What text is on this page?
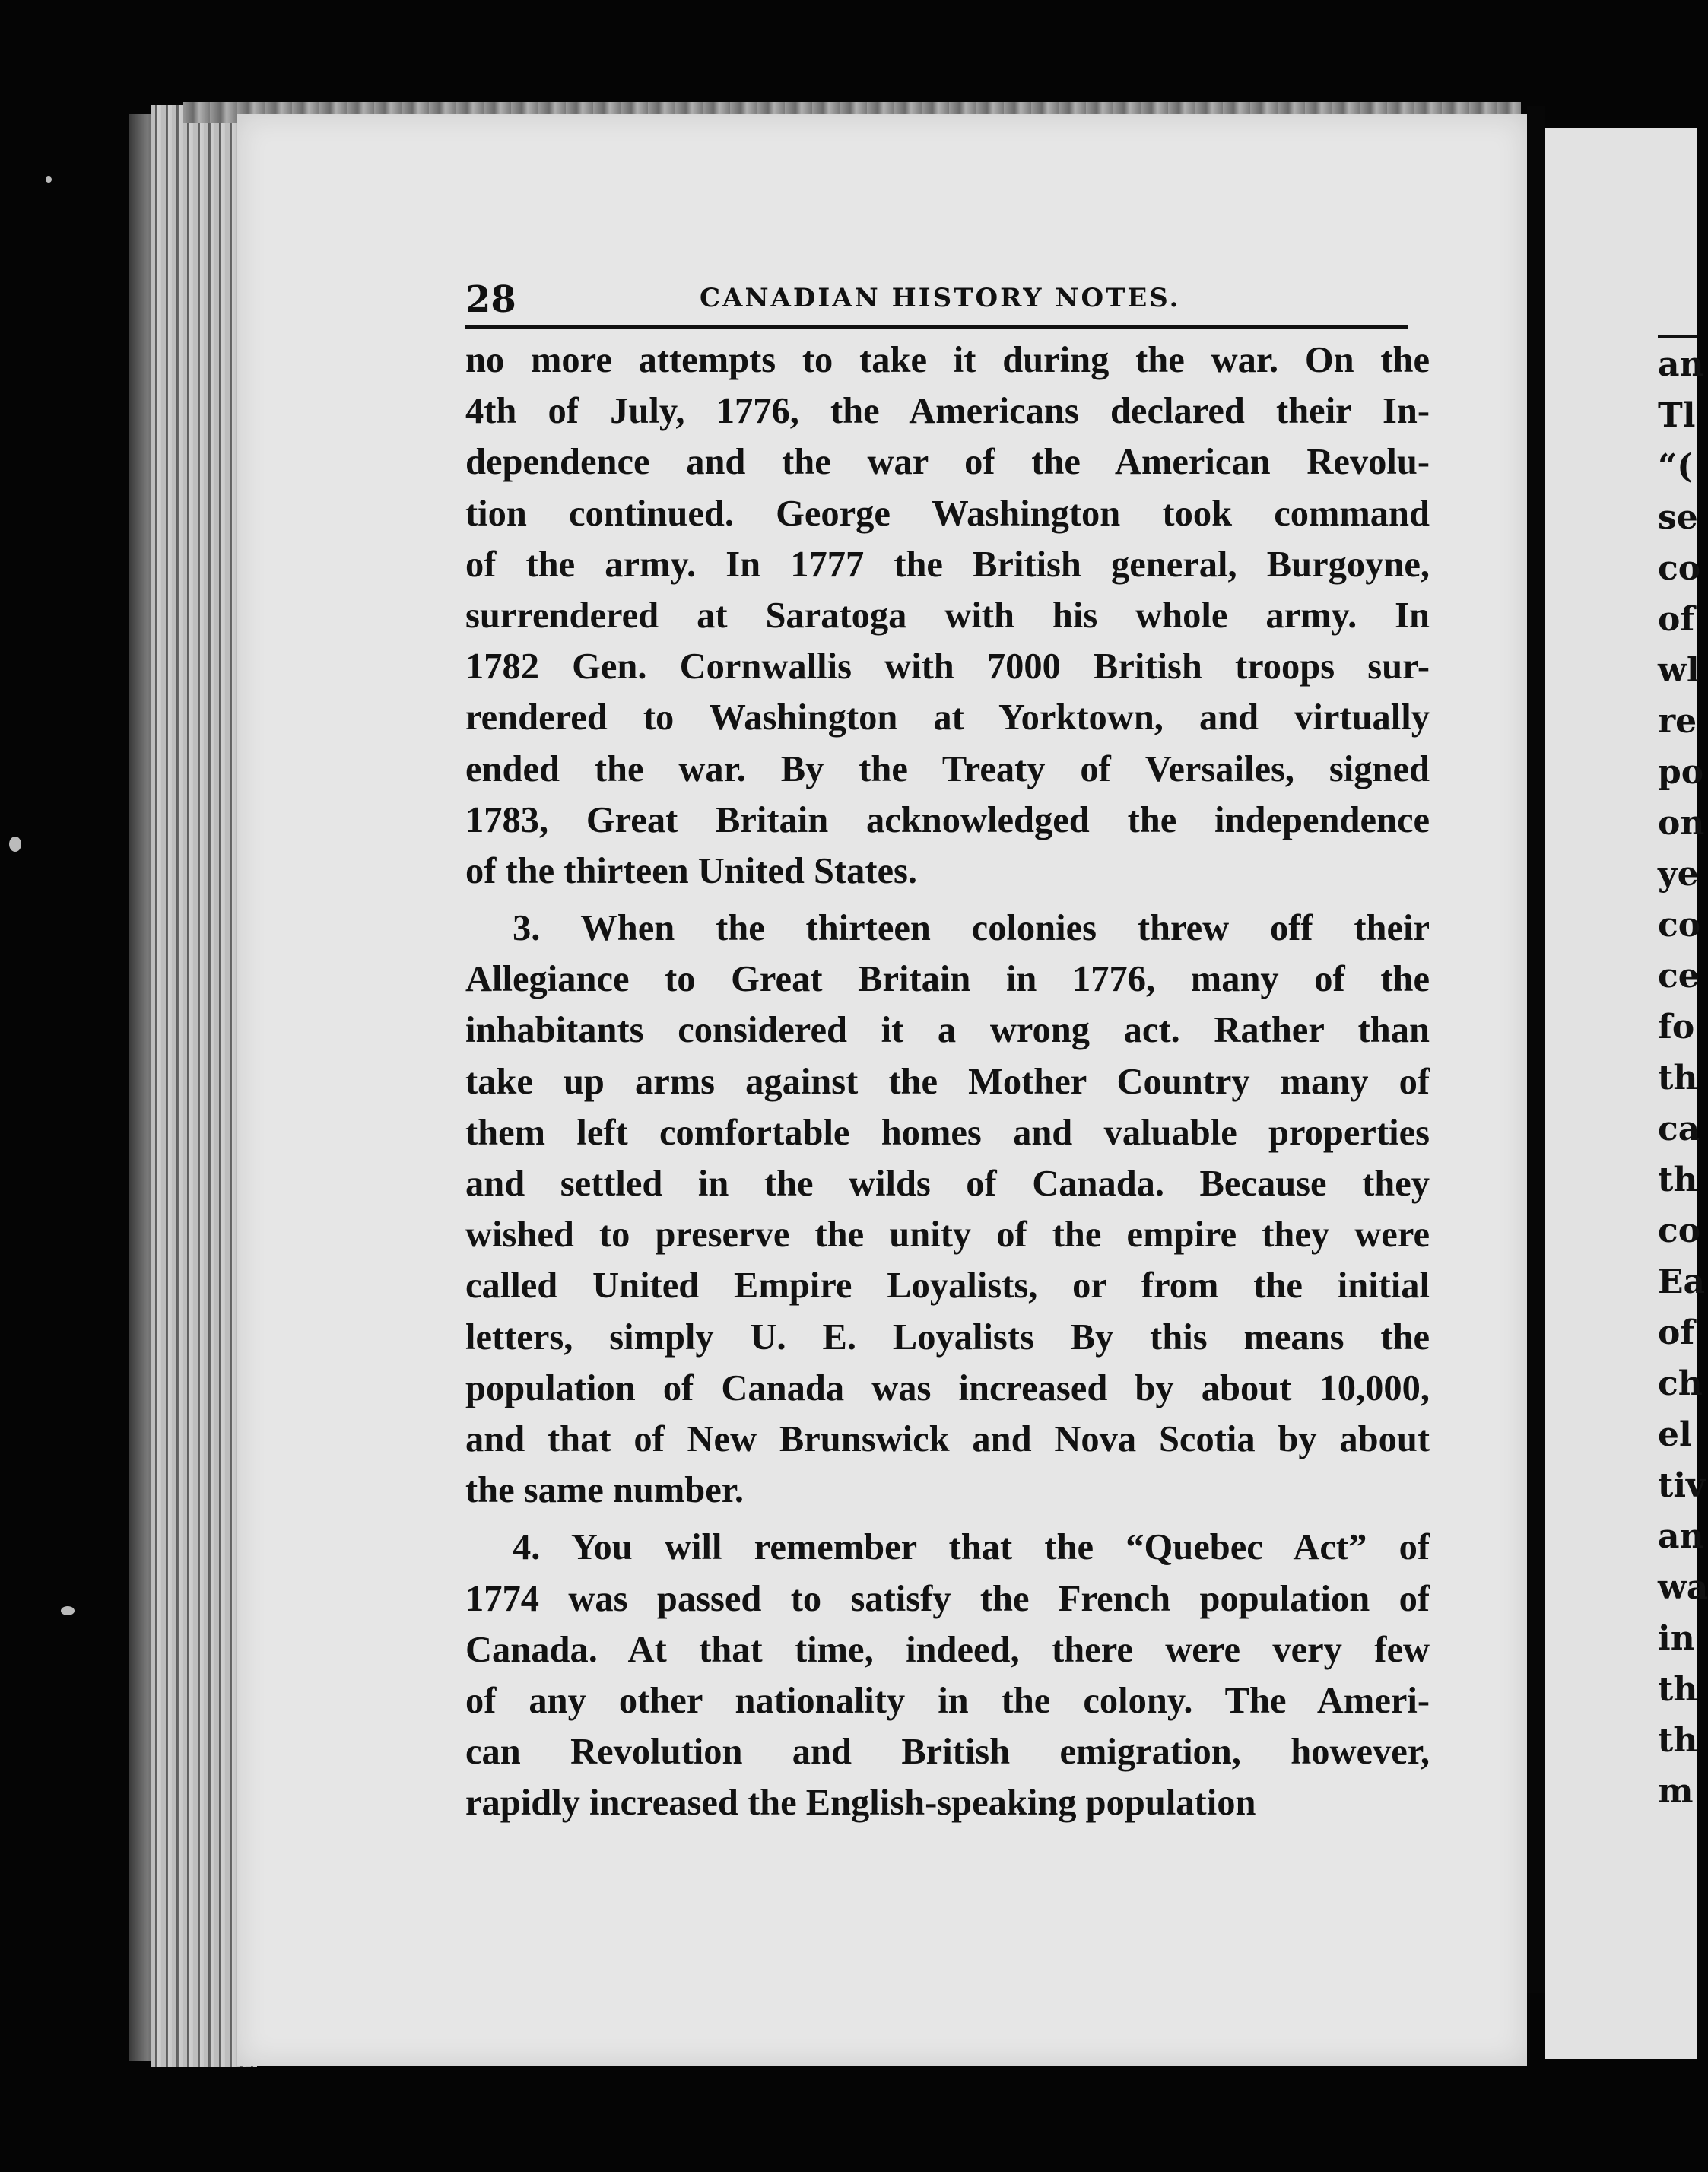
an
Tl
“(
se
co
of
wl
re
po
on
ye
co
ce
fo
th
ca
th
co
Ea
of
ch
el
tiv
an
wa
in
th
th
m
28	CANADIAN HISTORY NOTES.
no more attempts to take it during the war. On the
4th of July, 1776, the Americans declared their In-
dependence and the war of the American Revolu-
tion continued. George Washington took command
of the army. In 1777 the British general, Burgoyne,
surrendered at Saratoga with his whole army. In
1782 Gen. Cornwallis with 7000 British troops sur-
rendered to Washington at Yorktown, and virtually
ended the war. By the Treaty of Versailes, signed
1783, Great Britain acknowledged the independence
of the thirteen United States.
3. When the thirteen colonies threw off their
Allegiance to Great Britain in 1776, many of the
inhabitants considered it a wrong act. Rather than
take up arms against the Mother Country many of
them left comfortable homes and valuable properties
and settled in the wilds of Canada. Because they
wished to preserve the unity of the empire they were
called United Empire Loyalists, or from the initial
letters, simply U. E. Loyalists By this means the
population of Canada was increased by about 10,000,
and that of New Brunswick and Nova Scotia by about
the same number.
4. You will remember that the “Quebec Act” of
1774 was passed to satisfy the French population of
Canada. At that time, indeed, there were very few
of any other nationality in the colony. The Ameri-
can Revolution and British emigration, however,
rapidly increased the English-speaking population
